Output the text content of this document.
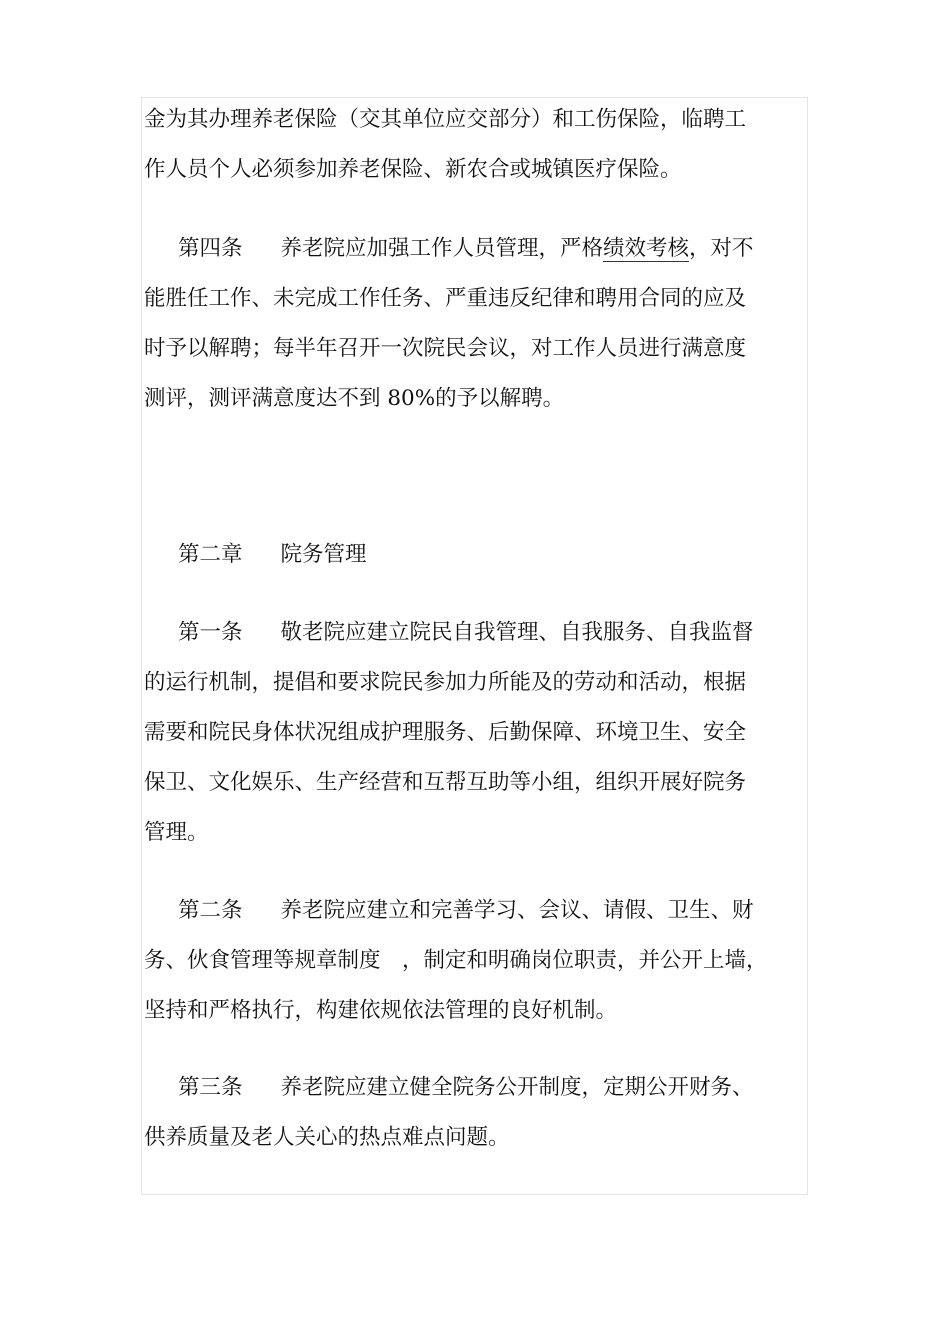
金为其办理养老保险（交其单位应交部分）和工伤保险，临聘工
作人员个人必须参加养老保险、新农合或城镇医疗保险。
第四条 养老院应加强工作人员管理，严格绩效考核，对不
能胜任工作、未完成工作任务、严重违反纪律和聘用合同的应及
时予以解聘；每半年召开一次院民会议，对工作人员进行满意度
测评，测评满意度达不到 80%的予以解聘。
第二章 院务管理
第一条 敬老院应建立院民自我管理、自我服务、自我监督
的运行机制，提倡和要求院民参加力所能及的劳动和活动，根据
需要和院民身体状况组成护理服务、后勤保障、环境卫生、安全
保卫、文化娱乐、生产经营和互帮互助等小组，组织开展好院务
管理。
第二条 养老院应建立和完善学习、会议、请假、卫生、财
务、伙食管理等规章制度　，制定和明确岗位职责，并公开上墙，
坚持和严格执行，构建依规依法管理的良好机制。
第三条 养老院应建立健全院务公开制度，定期公开财务、
供养质量及老人关心的热点难点问题。
